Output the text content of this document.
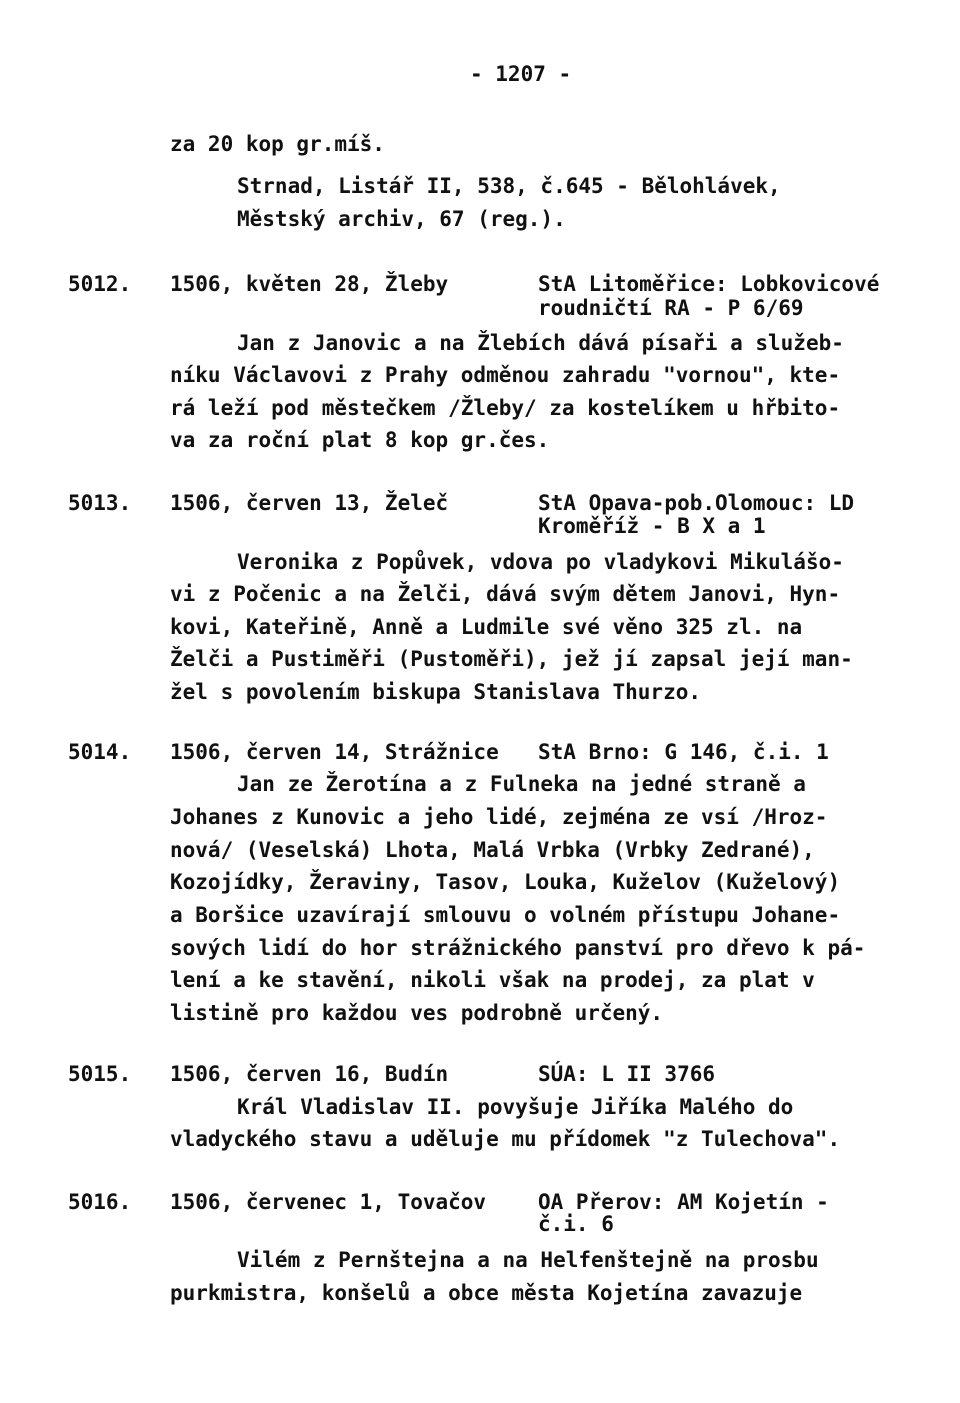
- 1207 -
za 20 kop gr.míš.
Strnad, Listář II, 538, č.645 - Bělohlávek,
Městský archiv, 67 (reg.).
5012. 1506, květen 28, Žleby	StA Litoměřice: Lobkovicové
roudničtí RA - P 6/69
Jan z Janovic a na Žlebích dává písaři a služeb-
níku Václavovi z Prahy odměnou zahradu "vornou", kte-
rá leží pod městečkem /Žleby/ za kostelíkem u hřbito-
va za roční plat 8 kop gr.čes.
5013. 1506, červen 13, Želeč	StA Opava-pob.Olomouc: LD
Kroměříž - B X a 1
Veronika z Popůvek, vdova po vladykovi Mikulášo-
vi z Počenic a na Želči, dává svým dětem Janovi, Hyn-
kovi, Kateřině, Anně a Ludmile své věno 325 zl. na
Želči a Pustiměři (Pustoměři), jež jí zapsal její man-
žel s povolením biskupa Stanislava Thurzo.
5014. 1506, červen 14, Strážnice StA Brno: G 146, č.i. 1
Jan ze Žerotína a z Fulneka na jedné straně a
Johanes z Kunovic a jeho lidé, zejména ze vsí /Hroz-
nová/ (Veselská) Lhota, Malá Vrbka (Vrbky Zedrané),
Kozojídky, Žeraviny, Tasov, Louka, Kuželov (Kuželový)
a Boršice uzavírají smlouvu o volném přístupu Johane-
sových lidí do hor strážnického panství pro dřevo k pá-
lení a ke stavění, nikoli však na prodej, za plat v
listině pro každou ves podrobně určený.
5015. 1506, červen 16, Budín	SÚA: L II 3766
Král Vladislav II. povyšuje Jiříka Malého do
vladyckého stavu a uděluje mu přídomek "z Tulechova".
5016. 1506, červenec 1, Tovačov OA Přerov: AM Kojetín -
č.i. 6
Vilém z Pernštejna a na Helfenštejně na prosbu
purkmistra, konšelů a obce města Kojetína zavazuje
